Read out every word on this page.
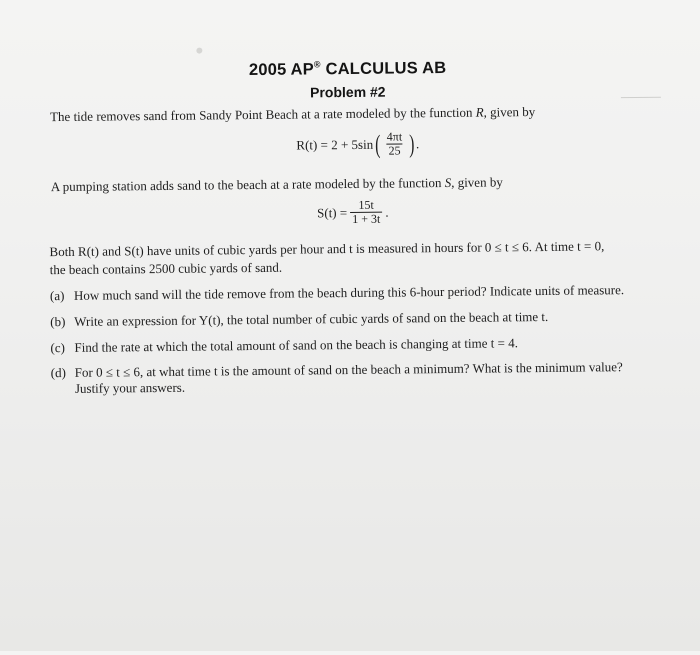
2005 AP® CALCULUS AB
Problem #2
The tide removes sand from Sandy Point Beach at a rate modeled by the function R, given by
R(t) = 2 + 5sin ( $\frac{4\pi t}{25}$ ) .
A pumping station adds sand to the beach at a rate modeled by the function S, given by
$S(t) = \frac{15t}{1 + 3t}$ .
Both R(t) and S(t) have units of cubic yards per hour and t is measured in hours for 0 ≤ t ≤ 6. At time t = 0,
the beach contains 2500 cubic yards of sand.
(a) How much sand will the tide remove from the beach during this 6-hour period? Indicate units of measure.
(b) Write an expression for Y(t), the total number of cubic yards of sand on the beach at time t.
(c) Find the rate at which the total amount of sand on the beach is changing at time t = 4.
(d) For 0 ≤ t ≤ 6, at what time t is the amount of sand on the beach a minimum? What is the minimum value?
Justify your answers.
